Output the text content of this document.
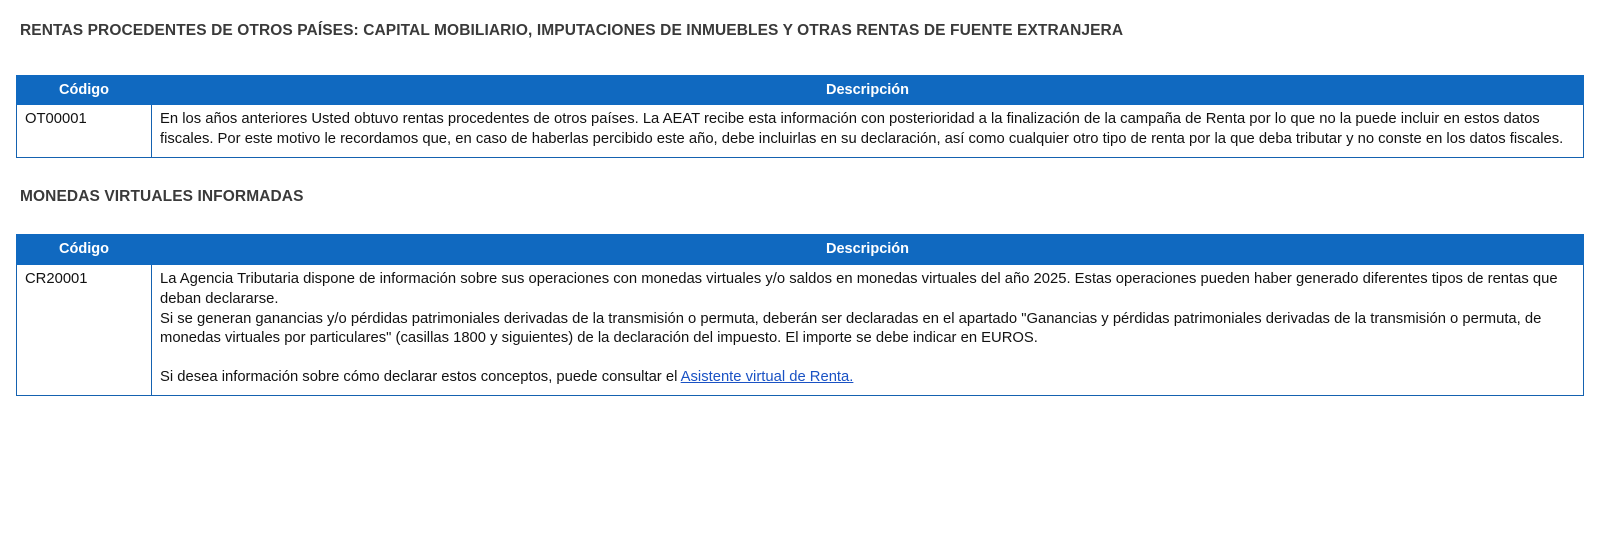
RENTAS PROCEDENTES DE OTROS PAÍSES: CAPITAL MOBILIARIO, IMPUTACIONES DE INMUEBLES Y OTRAS RENTAS DE FUENTE EXTRANJERA
Código	Descripción
OT00001	En los años anteriores Usted obtuvo rentas procedentes de otros países. La AEAT recibe esta información con posterioridad a la finalización de la campaña de Renta por lo que no la puede incluir en estos datos fiscales. Por este motivo le recordamos que, en caso de haberlas percibido este año, debe incluirlas en su declaración, así como cualquier otro tipo de renta por la que deba tributar y no conste en los datos fiscales.

MONEDAS VIRTUALES INFORMADAS
Código	Descripción
CR20001	La Agencia Tributaria dispone de información sobre sus operaciones con monedas virtuales y/o saldos en monedas virtuales del año 2025. Estas operaciones pueden haber generado diferentes tipos de rentas que deban declararse.

Si se generan ganancias y/o pérdidas patrimoniales derivadas de la transmisión o permuta, deberán ser declaradas en el apartado "Ganancias y pérdidas patrimoniales derivadas de la transmisión o permuta, de monedas virtuales por particulares" (casillas 1800 y siguientes) de la declaración del impuesto. El importe se debe indicar en EUROS.

Si desea información sobre cómo declarar estos conceptos, puede consultar el Asistente virtual de Renta.
